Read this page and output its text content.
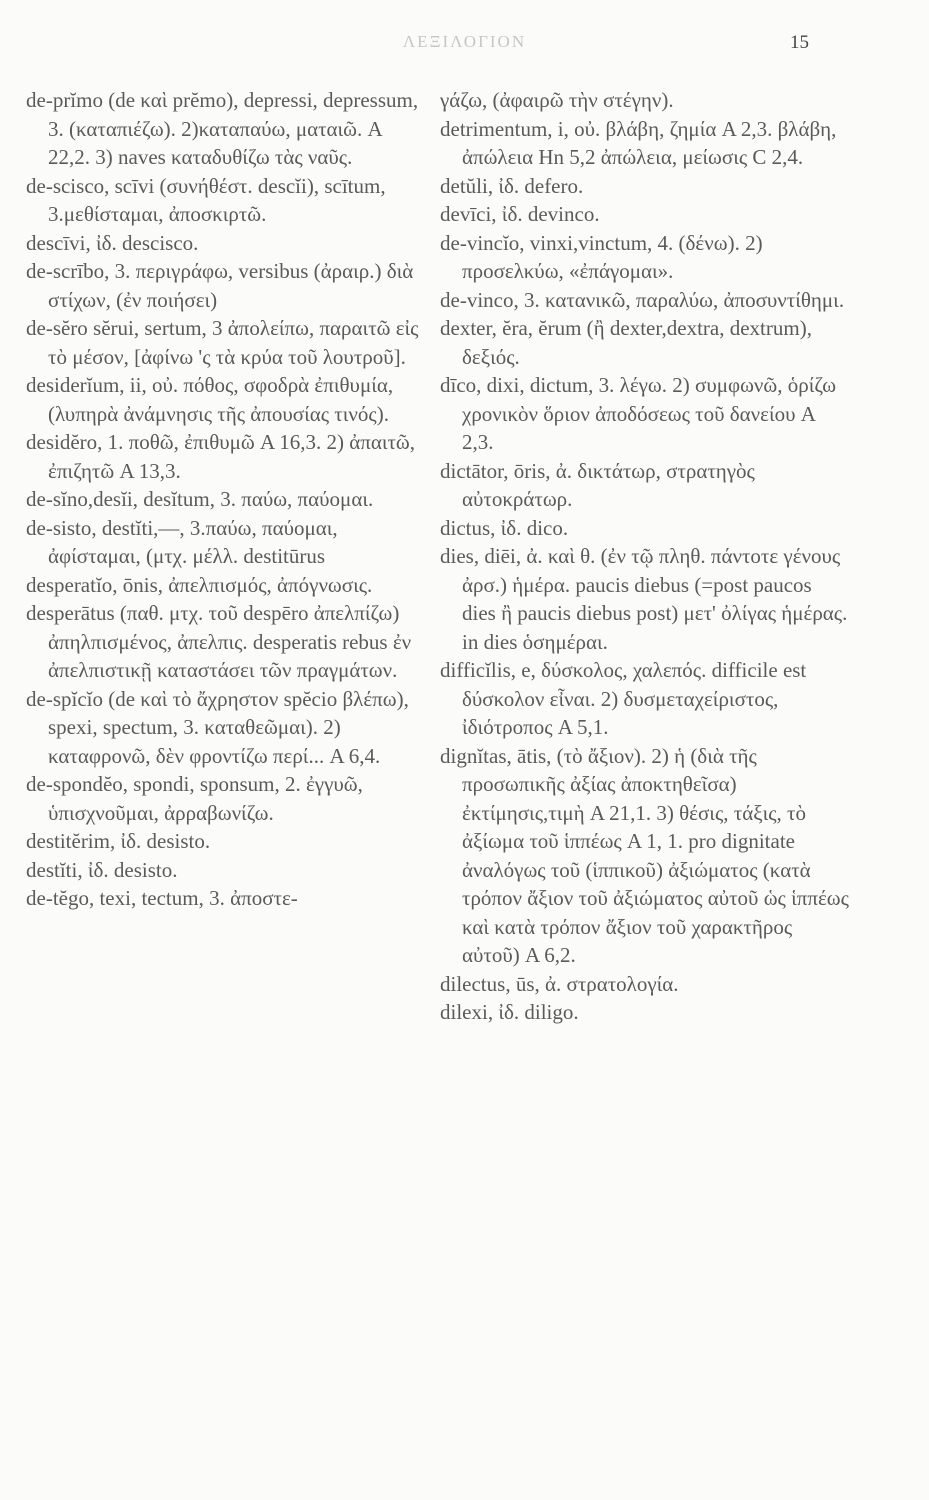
ΛΕΞΙΛΟΓΙΟΝ	15

de-prĭmo (de καὶ prĕmo), depressi, depressum, 3. (καταπιέζω). 2)καταπαύω, ματαιῶ. A 22,2. 3) naves καταδυθίζω τὰς ναῦς.

de-scisco, scīvi (συνήθέστ. descĭi), scītum, 3.μεθίσταμαι, ἀποσκιρτῶ.

descīvi, ἰδ. descisco.

de-scrībo, 3. περιγράφω, versibus (ἀραιρ.) διὰ στίχων, (ἐν ποιήσει)

de-sĕro sĕrui, sertum, 3 ἀπολείπω, παραιτῶ εἰς τὸ μέσον, [ἀφίνω 'ς τὰ κρύα τοῦ λουτροῦ].

desiderĭum, ii, οὐ. πόθος, σφοδρὰ ἐπιθυμία, (λυπηρὰ ἀνάμνησις τῆς ἀπουσίας τινός).

desidĕro, 1. ποθῶ, ἐπιθυμῶ A 16,3. 2) ἀπαιτῶ, ἐπιζητῶ A 13,3.

de-sĭno,desĭi, desĭtum, 3. παύω, παύομαι.

de-sisto, destĭti,—, 3.παύω, παύομαι, ἀφίσταμαι, (μτχ. μέλλ. destitūrus

desperatĭo, ōnis, ἀπελπισμός, ἀπόγνωσις.

desperātus (παθ. μτχ. τοῦ despēro ἀπελπίζω) ἀπηλπισμένος, ἀπελπις. desperatis rebus ἐν ἀπελπιστικῇ καταστάσει τῶν πραγμάτων.

de-spĭcĭo (de καὶ τὸ ἄχρηστον spĕcio βλέπω), spexi, spectum, 3. καταθεῶμαι). 2) καταφρονῶ, δὲν φροντίζω περί... A 6,4.

de-spondĕo, spondi, sponsum, 2. ἐγγυῶ, ὑπισχνοῦμαι, ἀρραβωνίζω.

destitĕrim, ἰδ. desisto.

destĭti, ἰδ. desisto.

de-tĕgo, texi, tectum, 3. ἀποστε-

γάζω, (ἀφαιρῶ τὴν στέγην).

detrimentum, i, οὐ. βλάβη, ζημία A 2,3. βλάβη, ἀπώλεια Hn 5,2 ἀπώλεια, μείωσις C 2,4.

detŭli, ἰδ. defero.

devīci, ἰδ. devinco.

de-vincĭo, vinxi,vinctum, 4. (δένω). 2) προσελκύω, «ἐπάγομαι».

de-vinco, 3. κατανικῶ, παραλύω, ἀποσυντίθημι.

dexter, ĕra, ĕrum (ἢ dexter,dextra, dextrum), δεξιός.

dīco, dixi, dictum, 3. λέγω. 2) συμφωνῶ, ὁρίζω χρονικὸν ὅριον ἀποδόσεως τοῦ δανείου A 2,3.

dictātor, ōris, ἀ. δικτάτωρ, στρατηγὸς αὐτοκράτωρ.

dictus, ἰδ. dico.

dies, diēi, ἀ. καὶ θ. (ἐν τῷ πληθ. πάντοτε γένους ἀρσ.) ἡμέρα. paucis diebus (=post paucos dies ἢ paucis diebus post) μετ' ὀλίγας ἡμέρας. in dies ὁσημέραι.

difficĭlis, e, δύσκολος, χαλεπός. difficile est δύσκολον εἶναι. 2) δυσμεταχείριστος, ἰδιότροπος A 5,1.

dignĭtas, ātis, (τὸ ἄξιον). 2) ἡ (διὰ τῆς προσωπικῆς ἀξίας ἀποκτηθεῖσα) ἐκτίμησις,τιμὴ A 21,1. 3) θέσις, τάξις, τὸ ἀξίωμα τοῦ ἱππέως A 1, 1. pro dignitate ἀναλόγως τοῦ (ἱππικοῦ) ἀξιώματος (κατὰ τρόπον ἄξιον τοῦ ἀξιώματος αὐτοῦ ὡς ἱππέως καὶ κατὰ τρόπον ἄξιον τοῦ χαρακτῆρος αὐτοῦ) A 6,2.

dilectus, ūs, ἀ. στρατολογία.

dilexi, ἰδ. diligo.
